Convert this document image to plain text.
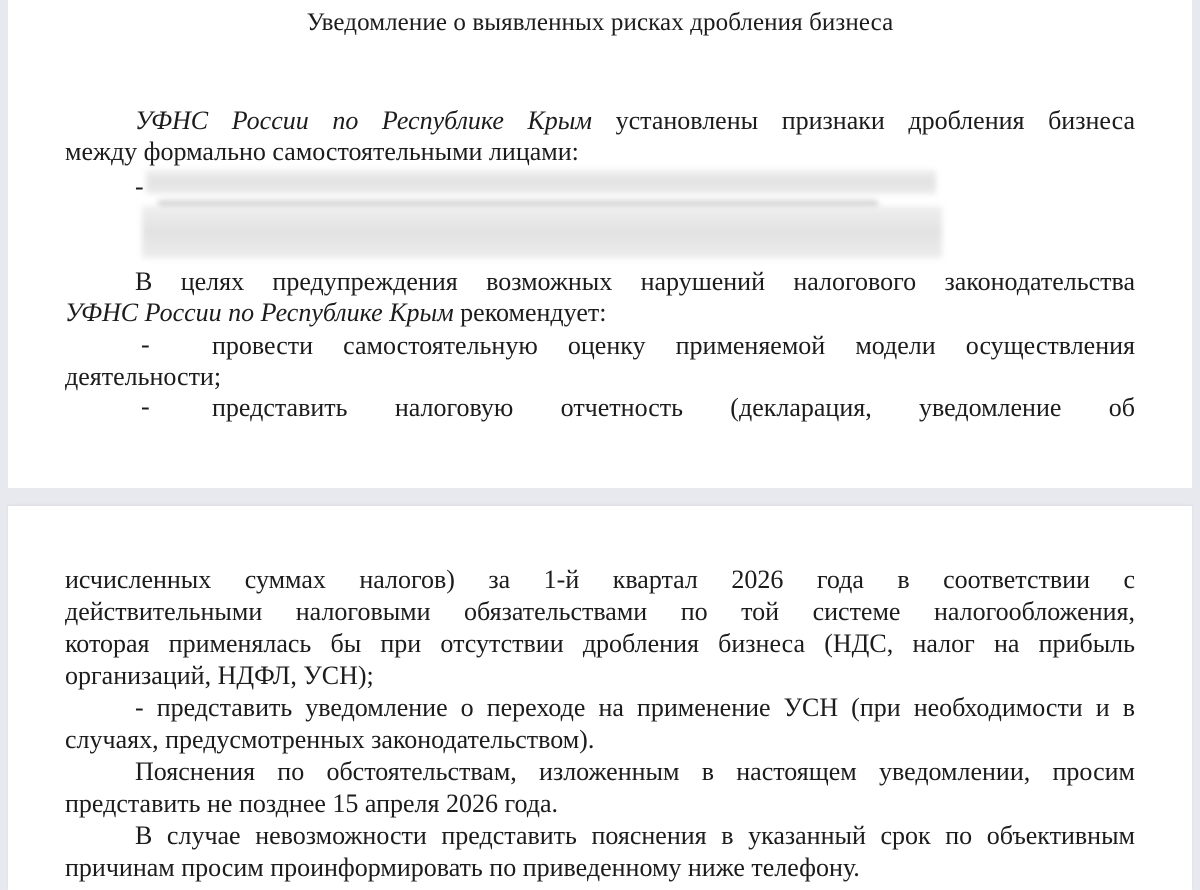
Уведомление о выявленных рисках дробления бизнеса
УФНС России по Республике Крым установлены признаки дробления бизнеса
между формально самостоятельными лицами:
-
В целях предупреждения возможных нарушений налогового законодательства
УФНС России по Республике Крым рекомендует:
- провести самостоятельную оценку применяемой модели осуществления
деятельности;
- представить налоговую отчетность (декларация, уведомление об
исчисленных суммах налогов) за 1-й квартал 2026 года в соответствии с
действительными налоговыми обязательствами по той системе налогообложения,
которая применялась бы при отсутствии дробления бизнеса (НДС, налог на прибыль
организаций, НДФЛ, УСН);
- представить уведомление о переходе на применение УСН (при необходимости и в
случаях, предусмотренных законодательством).
Пояснения по обстоятельствам, изложенным в настоящем уведомлении, просим
представить не позднее 15 апреля 2026 года.
В случае невозможности представить пояснения в указанный срок по объективным
причинам просим проинформировать по приведенному ниже телефону.
